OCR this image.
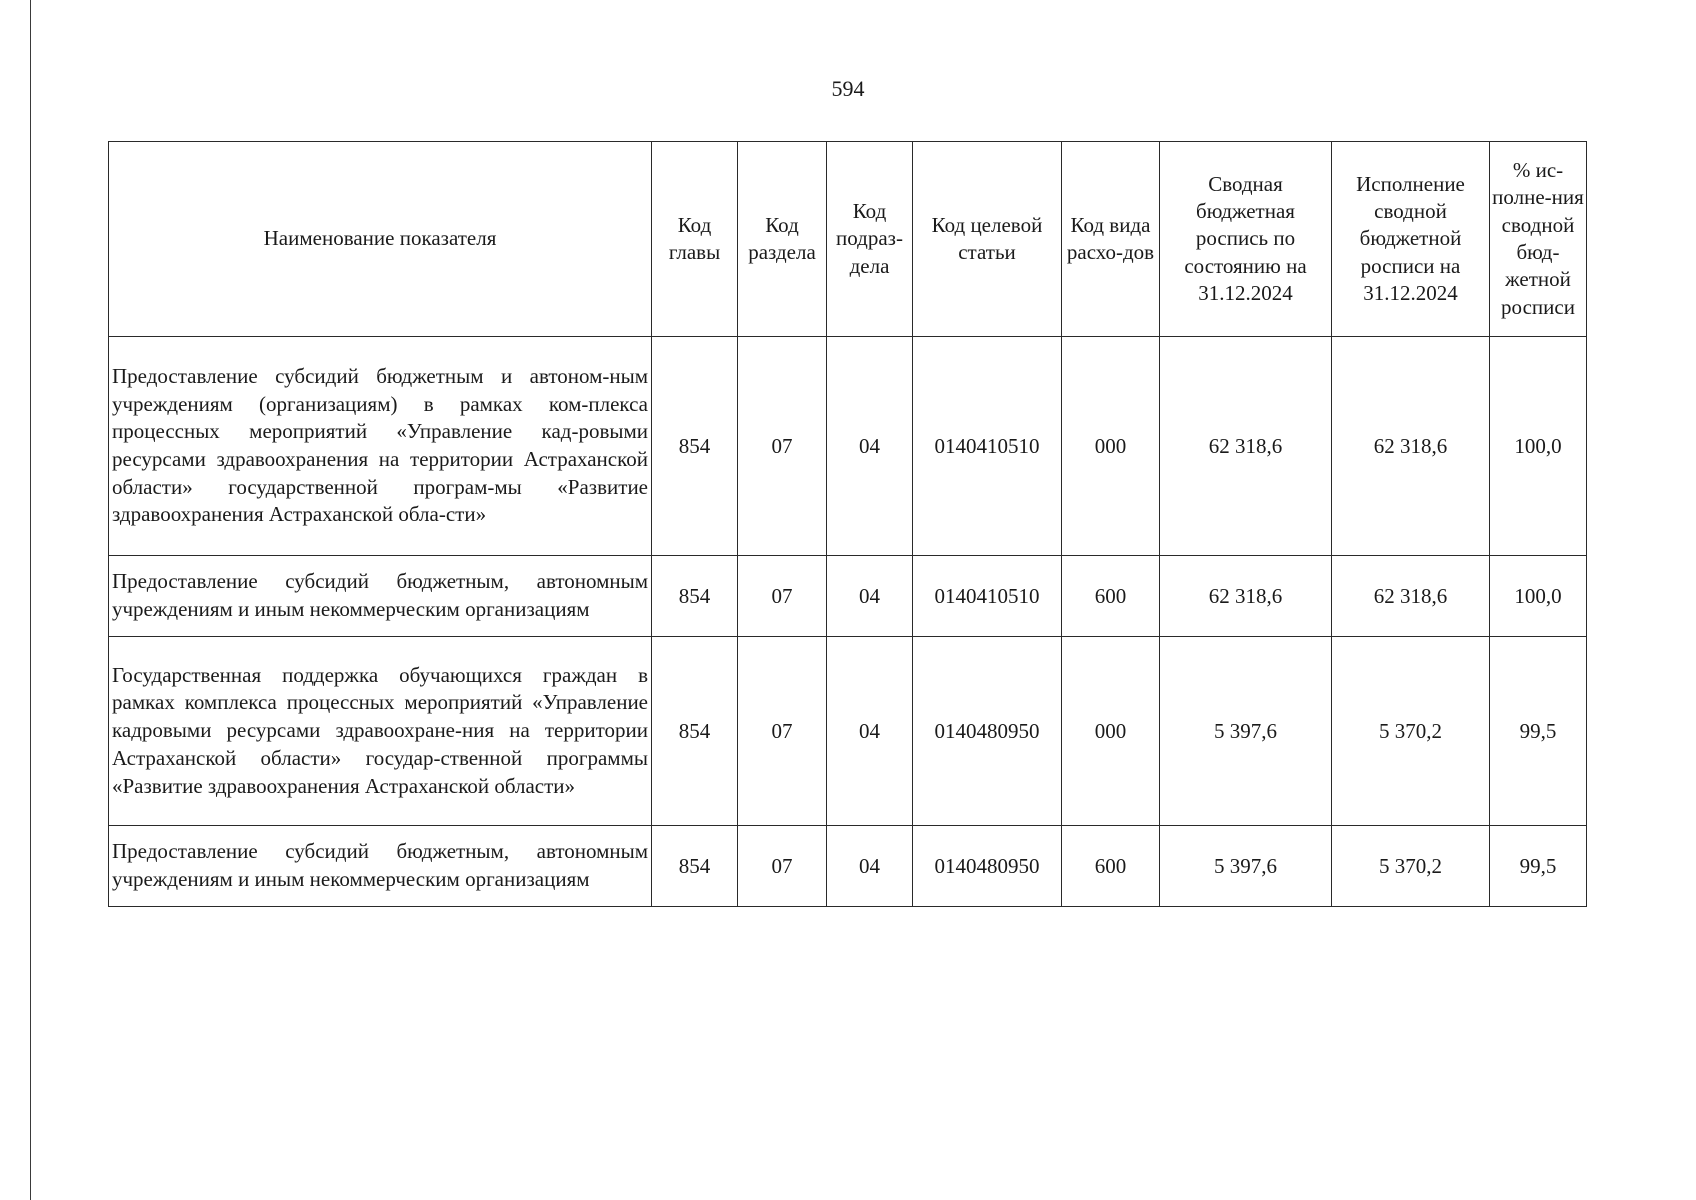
594
Наименование показателя	Код главы	Код раздела	Код подраз-дела	Код целевой статьи	Код вида расхо-дов	Сводная бюджетная роспись по состоянию на 31.12.2024	Исполнение сводной бюджетной росписи на 31.12.2024	% ис-полне-ния сводной бюд-жетной росписи
Предоставление субсидий бюджетным и автоном-ным учреждениям (организациям) в рамках ком-плекса процессных мероприятий «Управление кад-ровыми ресурсами здравоохранения на территории Астраханской области» государственной програм-мы «Развитие здравоохранения Астраханской обла-сти»	854	07	04	0140410510	000	62 318,6	62 318,6	100,0
Предоставление субсидий бюджетным, автономным учреждениям и иным некоммерческим организациям	854	07	04	0140410510	600	62 318,6	62 318,6	100,0
Государственная поддержка обучающихся граждан в рамках комплекса процессных мероприятий «Управление кадровыми ресурсами здравоохране-ния на территории Астраханской области» государ-ственной программы «Развитие здравоохранения Астраханской области»	854	07	04	0140480950	000	5 397,6	5 370,2	99,5
Предоставление субсидий бюджетным, автономным учреждениям и иным некоммерческим организациям	854	07	04	0140480950	600	5 397,6	5 370,2	99,5
